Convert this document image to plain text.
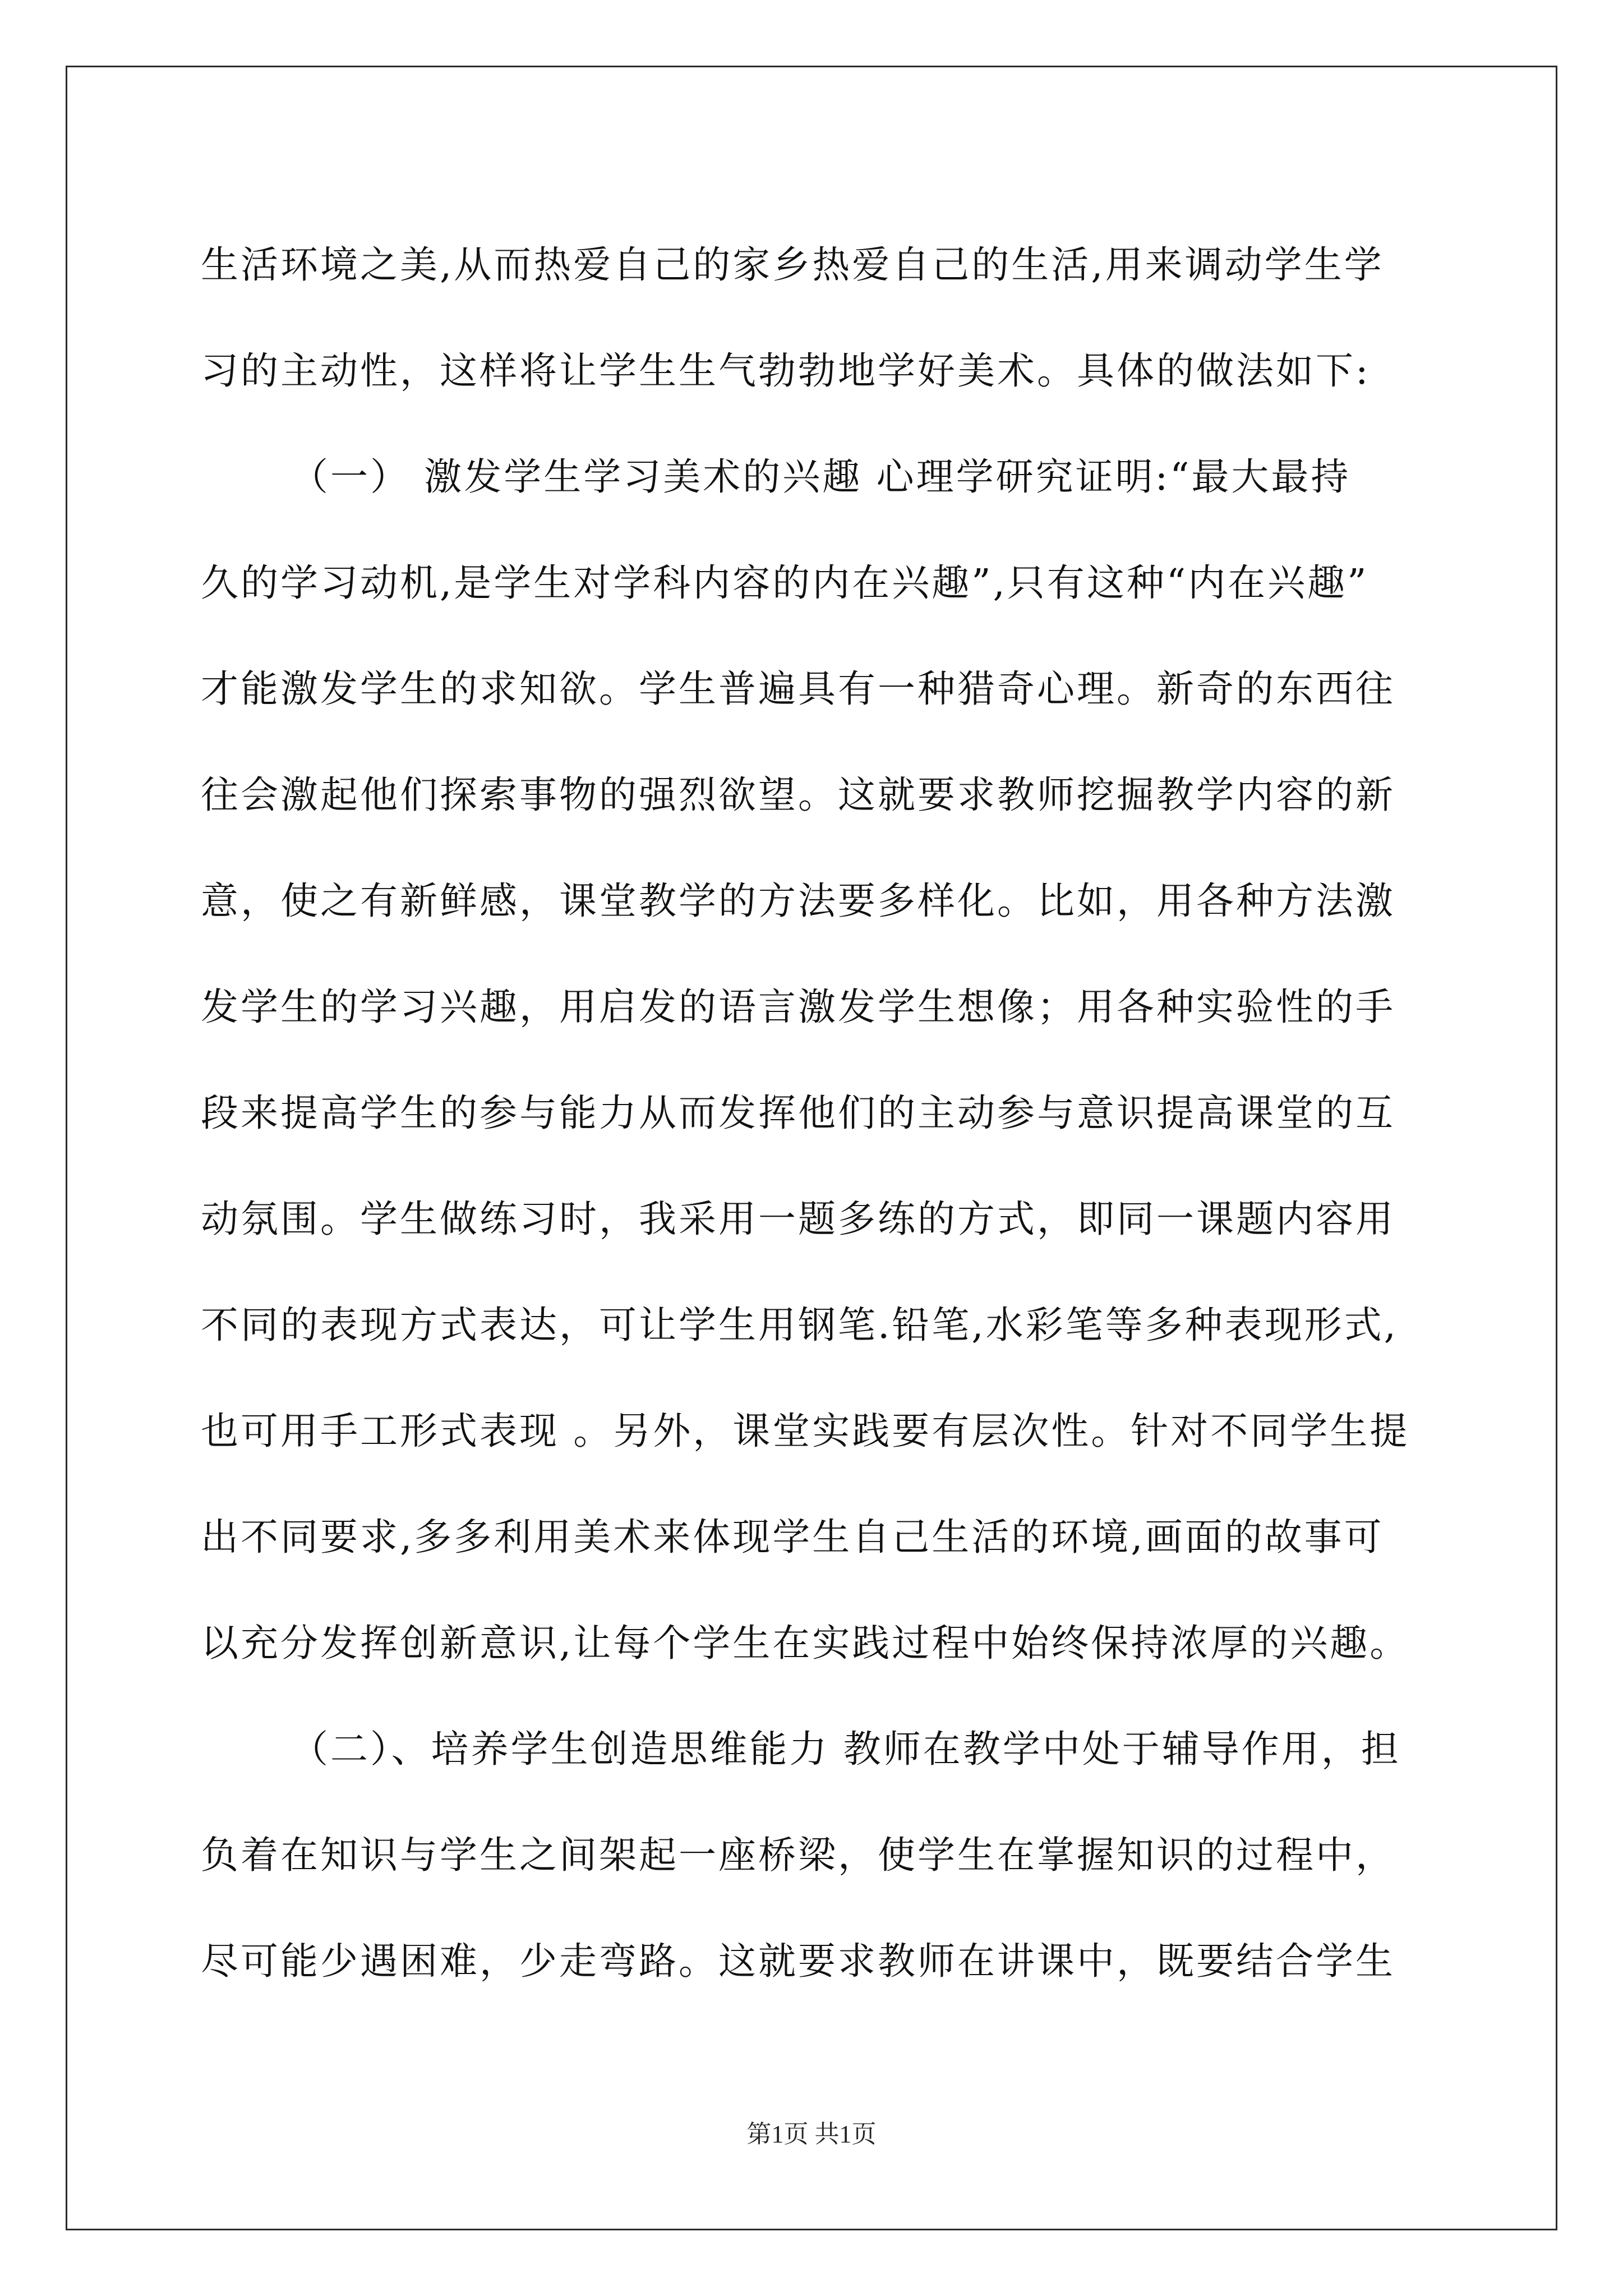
生活环境之美,从而热爱自己的家乡热爱自己的生活,用来调动学生学
习的主动性，这样将让学生生气勃勃地学好美术。具体的做法如下:
（一） 激发学生学习美术的兴趣 心理学研究证明:“最大最持
久的学习动机,是学生对学科内容的内在兴趣”,只有这种“内在兴趣”
才能激发学生的求知欲。学生普遍具有一种猎奇心理。新奇的东西往
往会激起他们探索事物的强烈欲望。这就要求教师挖掘教学内容的新
意，使之有新鲜感，课堂教学的方法要多样化。比如，用各种方法激
发学生的学习兴趣，用启发的语言激发学生想像；用各种实验性的手
段来提高学生的参与能力从而发挥他们的主动参与意识提高课堂的互
动氛围。学生做练习时，我采用一题多练的方式，即同一课题内容用
不同的表现方式表达，可让学生用钢笔.铅笔,水彩笔等多种表现形式,
也可用手工形式表现 。另外，课堂实践要有层次性。针对不同学生提
出不同要求,多多利用美术来体现学生自己生活的环境,画面的故事可
以充分发挥创新意识,让每个学生在实践过程中始终保持浓厚的兴趣。
（二）、培养学生创造思维能力 教师在教学中处于辅导作用，担
负着在知识与学生之间架起一座桥梁，使学生在掌握知识的过程中，
尽可能少遇困难，少走弯路。这就要求教师在讲课中，既要结合学生
第1页 共1页
